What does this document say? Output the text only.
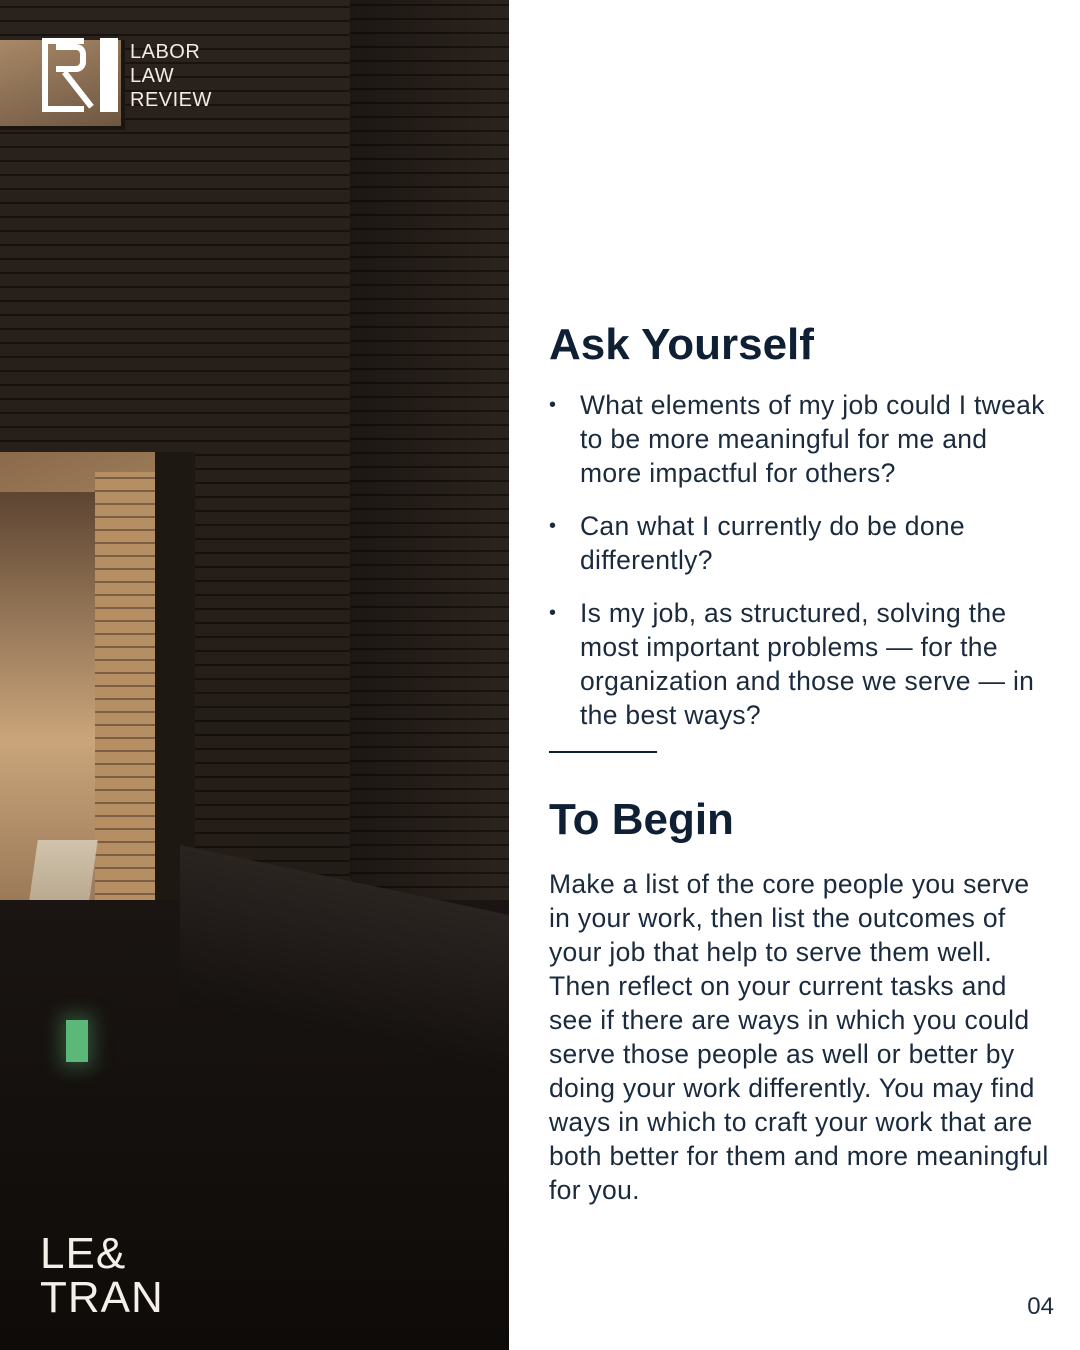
LABOR
LAW
REVIEW
LE&
TRAN
Ask Yourself
• What elements of my job could I tweak to be more meaningful for me and more impactful for others?
• Can what I currently do be done differently?
• Is my job, as structured, solving the most important problems — for the organization and those we serve — in the best ways?
To Begin
Make a list of the core people you serve in your work, then list the outcomes of your job that help to serve them well. Then reflect on your current tasks and see if there are ways in which you could serve those people as well or better by doing your work differently. You may find ways in which to craft your work that are both better for them and more meaningful for you.
04
